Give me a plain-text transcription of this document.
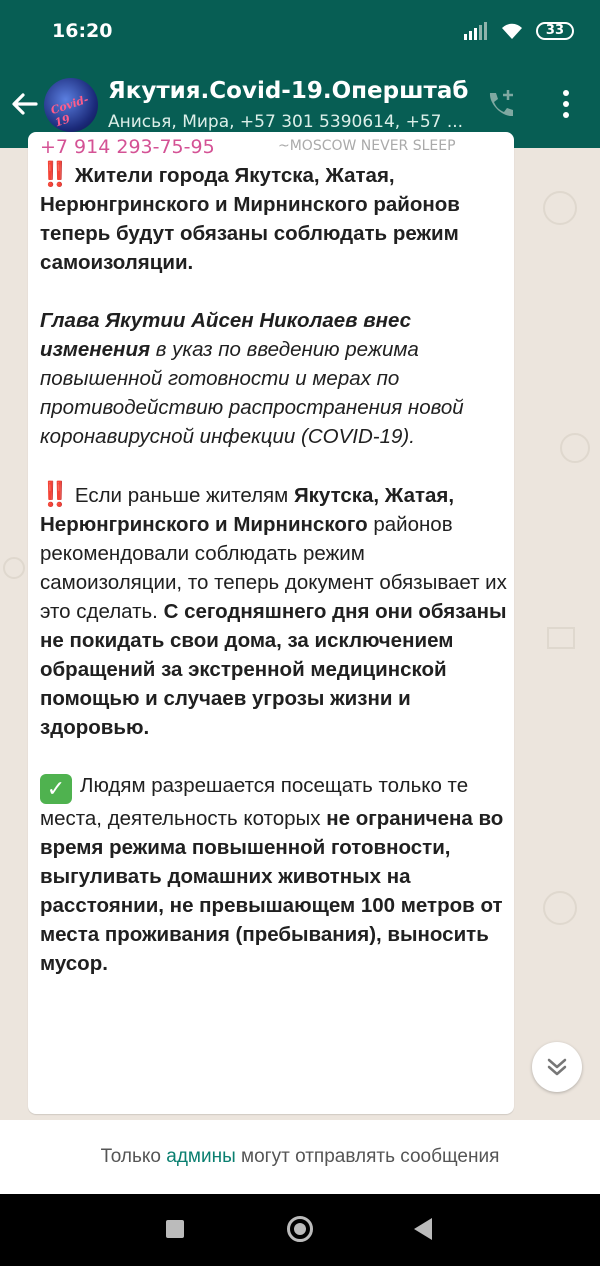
16:20	33
Covid-19
Якутия.Covid-19.Оперштаб
Анисья, Мира, +57 301 5390614, +57 ...
+7 914 293-75-95	~MOSCOW NEVER SLEEP

‼️ Жители города Якутска, Жатая, Нерюнгринского и Мирнинского районов теперь будут обязаны соблюдать режим самоизоляции.

Глава Якутии Айсен Николаев внес изменения в указ по введению режима повышенной готовности и мерах по противодействию распространения новой коронавирусной инфекции (COVID-19).

‼️ Если раньше жителям Якутска, Жатая, Нерюнгринского и Мирнинского районов рекомендовали соблюдать режим самоизоляции, то теперь документ обязывает их это сделать. С сегодняшнего дня они обязаны не покидать свои дома, за исключением обращений за экстренной медицинской помощью и случаев угрозы жизни и здоровью.

✓ Людям разрешается посещать только те места, деятельность которых не ограничена во время режима повышенной готовности, выгуливать домашних животных на расстоянии, не превышающем 100 метров от места проживания (пребывания), выносить мусор.

Только админы могут отправлять сообщения
